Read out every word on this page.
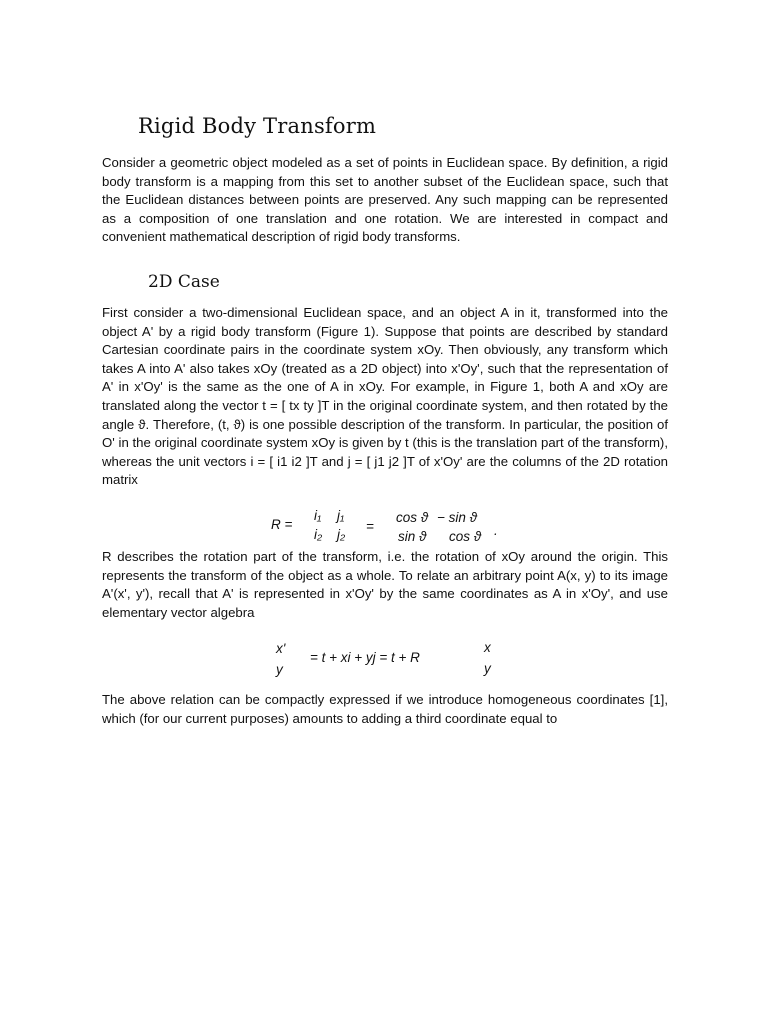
Rigid Body Transform

Consider a geometric object modeled as a set of points in Euclidean space. By definition, a rigid body transform is a mapping from this set to another subset of the Euclidean space, such that the Euclidean distances between points are preserved. Any such mapping can be represented as a composition of one translation and one rotation. We are interested in compact and convenient mathematical description of rigid body transforms.

2D Case

First consider a two-dimensional Euclidean space, and an object A in it, transformed into the object A' by a rigid body transform (Figure 1). Suppose that points are described by standard Cartesian coordinate pairs in the coordinate system xOy. Then obviously, any transform which takes A into A' also takes xOy (treated as a 2D object) into x'Oy', such that the representation of A' in x'Oy' is the same as the one of A in xOy. For example, in Figure 1, both A and xOy are translated along the vector t = [ tx ty ]T in the original coordinate system, and then rotated by the angle ϑ. Therefore, (t, ϑ) is one possible description of the transform. In particular, the position of O' in the original coordinate system xOy is given by t (this is the translation part of the transform), whereas the unit vectors i = [ i1 i2 ]T and j = [ j1 j2 ]T of x'Oy' are the columns of the 2D rotation matrix

R =
i₁ j₁
i₂ j₂
=
cos ϑ − sin ϑ
sin ϑ cos ϑ .

R describes the rotation part of the transform, i.e. the rotation of xOy around the origin. This represents the transform of the object as a whole. To relate an arbitrary point A(x, y) to its image A'(x', y'), recall that A' is represented in x'Oy' by the same coordinates as A in x'Oy', and use elementary vector algebra

x'
y
= t + xi + yj = t + R
x
y

The above relation can be compactly expressed if we introduce homogeneous coordinates [1], which (for our current purposes) amounts to adding a third coordinate equal to
